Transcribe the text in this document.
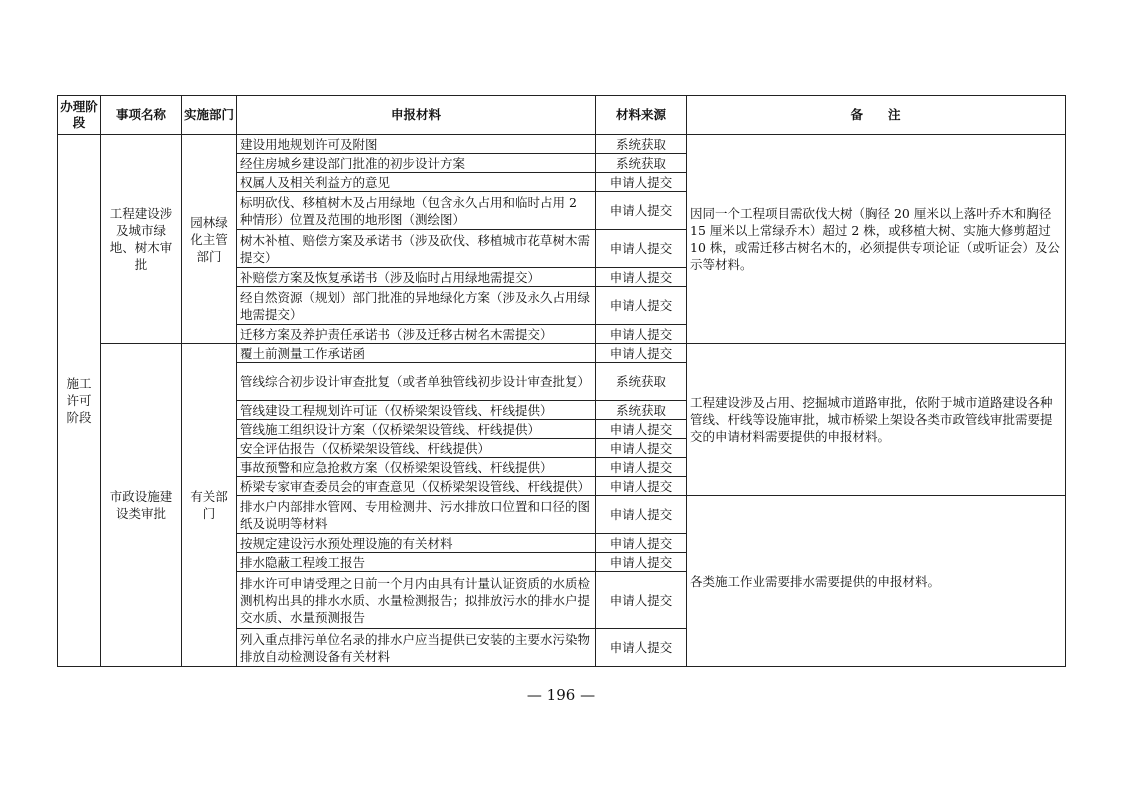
办理阶段	事项名称	实施部门	申报材料	材料来源	备注
施工许可阶段	工程建设涉及城市绿地、树木审批	园林绿化主管部门	建设用地规划许可及附图	系统获取	因同一个工程项目需砍伐大树（胸径 20 厘米以上落叶乔木和胸径 15 厘米以上常绿乔木）超过 2 株，或移植大树、实施大修剪超过 10 株，或需迁移古树名木的，必须提供专项论证（或听证会）及公示等材料。
			经住房城乡建设部门批准的初步设计方案	系统获取	
			权属人及相关利益方的意见	申请人提交	
			标明砍伐、移植树木及占用绿地（包含永久占用和临时占用 2 种情形）位置及范围的地形图（测绘图）	申请人提交	
			树木补植、赔偿方案及承诺书（涉及砍伐、移植城市花草树木需提交）	申请人提交	
			补赔偿方案及恢复承诺书（涉及临时占用绿地需提交）	申请人提交	
			经自然资源（规划）部门批准的异地绿化方案（涉及永久占用绿地需提交）	申请人提交	
			迁移方案及养护责任承诺书（涉及迁移古树名木需提交）	申请人提交	
	市政设施建设类审批	有关部门	覆土前测量工作承诺函	申请人提交	工程建设涉及占用、挖掘城市道路审批，依附于城市道路建设各种管线、杆线等设施审批，城市桥梁上架设各类市政管线审批需要提交的申请材料需要提供的申报材料。
			管线综合初步设计审查批复（或者单独管线初步设计审查批复）	系统获取	
			管线建设工程规划许可证（仅桥梁架设管线、杆线提供）	系统获取	
			管线施工组织设计方案（仅桥梁架设管线、杆线提供）	申请人提交	
			安全评估报告（仅桥梁架设管线、杆线提供）	申请人提交	
			事故预警和应急抢救方案（仅桥梁架设管线、杆线提供）	申请人提交	
			桥梁专家审查委员会的审查意见（仅桥梁架设管线、杆线提供）	申请人提交	
			排水户内部排水管网、专用检测井、污水排放口位置和口径的图纸及说明等材料	申请人提交	各类施工作业需要排水需要提供的申报材料。
			按规定建设污水预处理设施的有关材料	申请人提交	
			排水隐蔽工程竣工报告	申请人提交	
			排水许可申请受理之日前一个月内由具有计量认证资质的水质检测机构出具的排水水质、水量检测报告；拟排放污水的排水户提交水质、水量预测报告	申请人提交	
			列入重点排污单位名录的排水户应当提供已安装的主要水污染物排放自动检测设备有关材料	申请人提交	
— 196 —
